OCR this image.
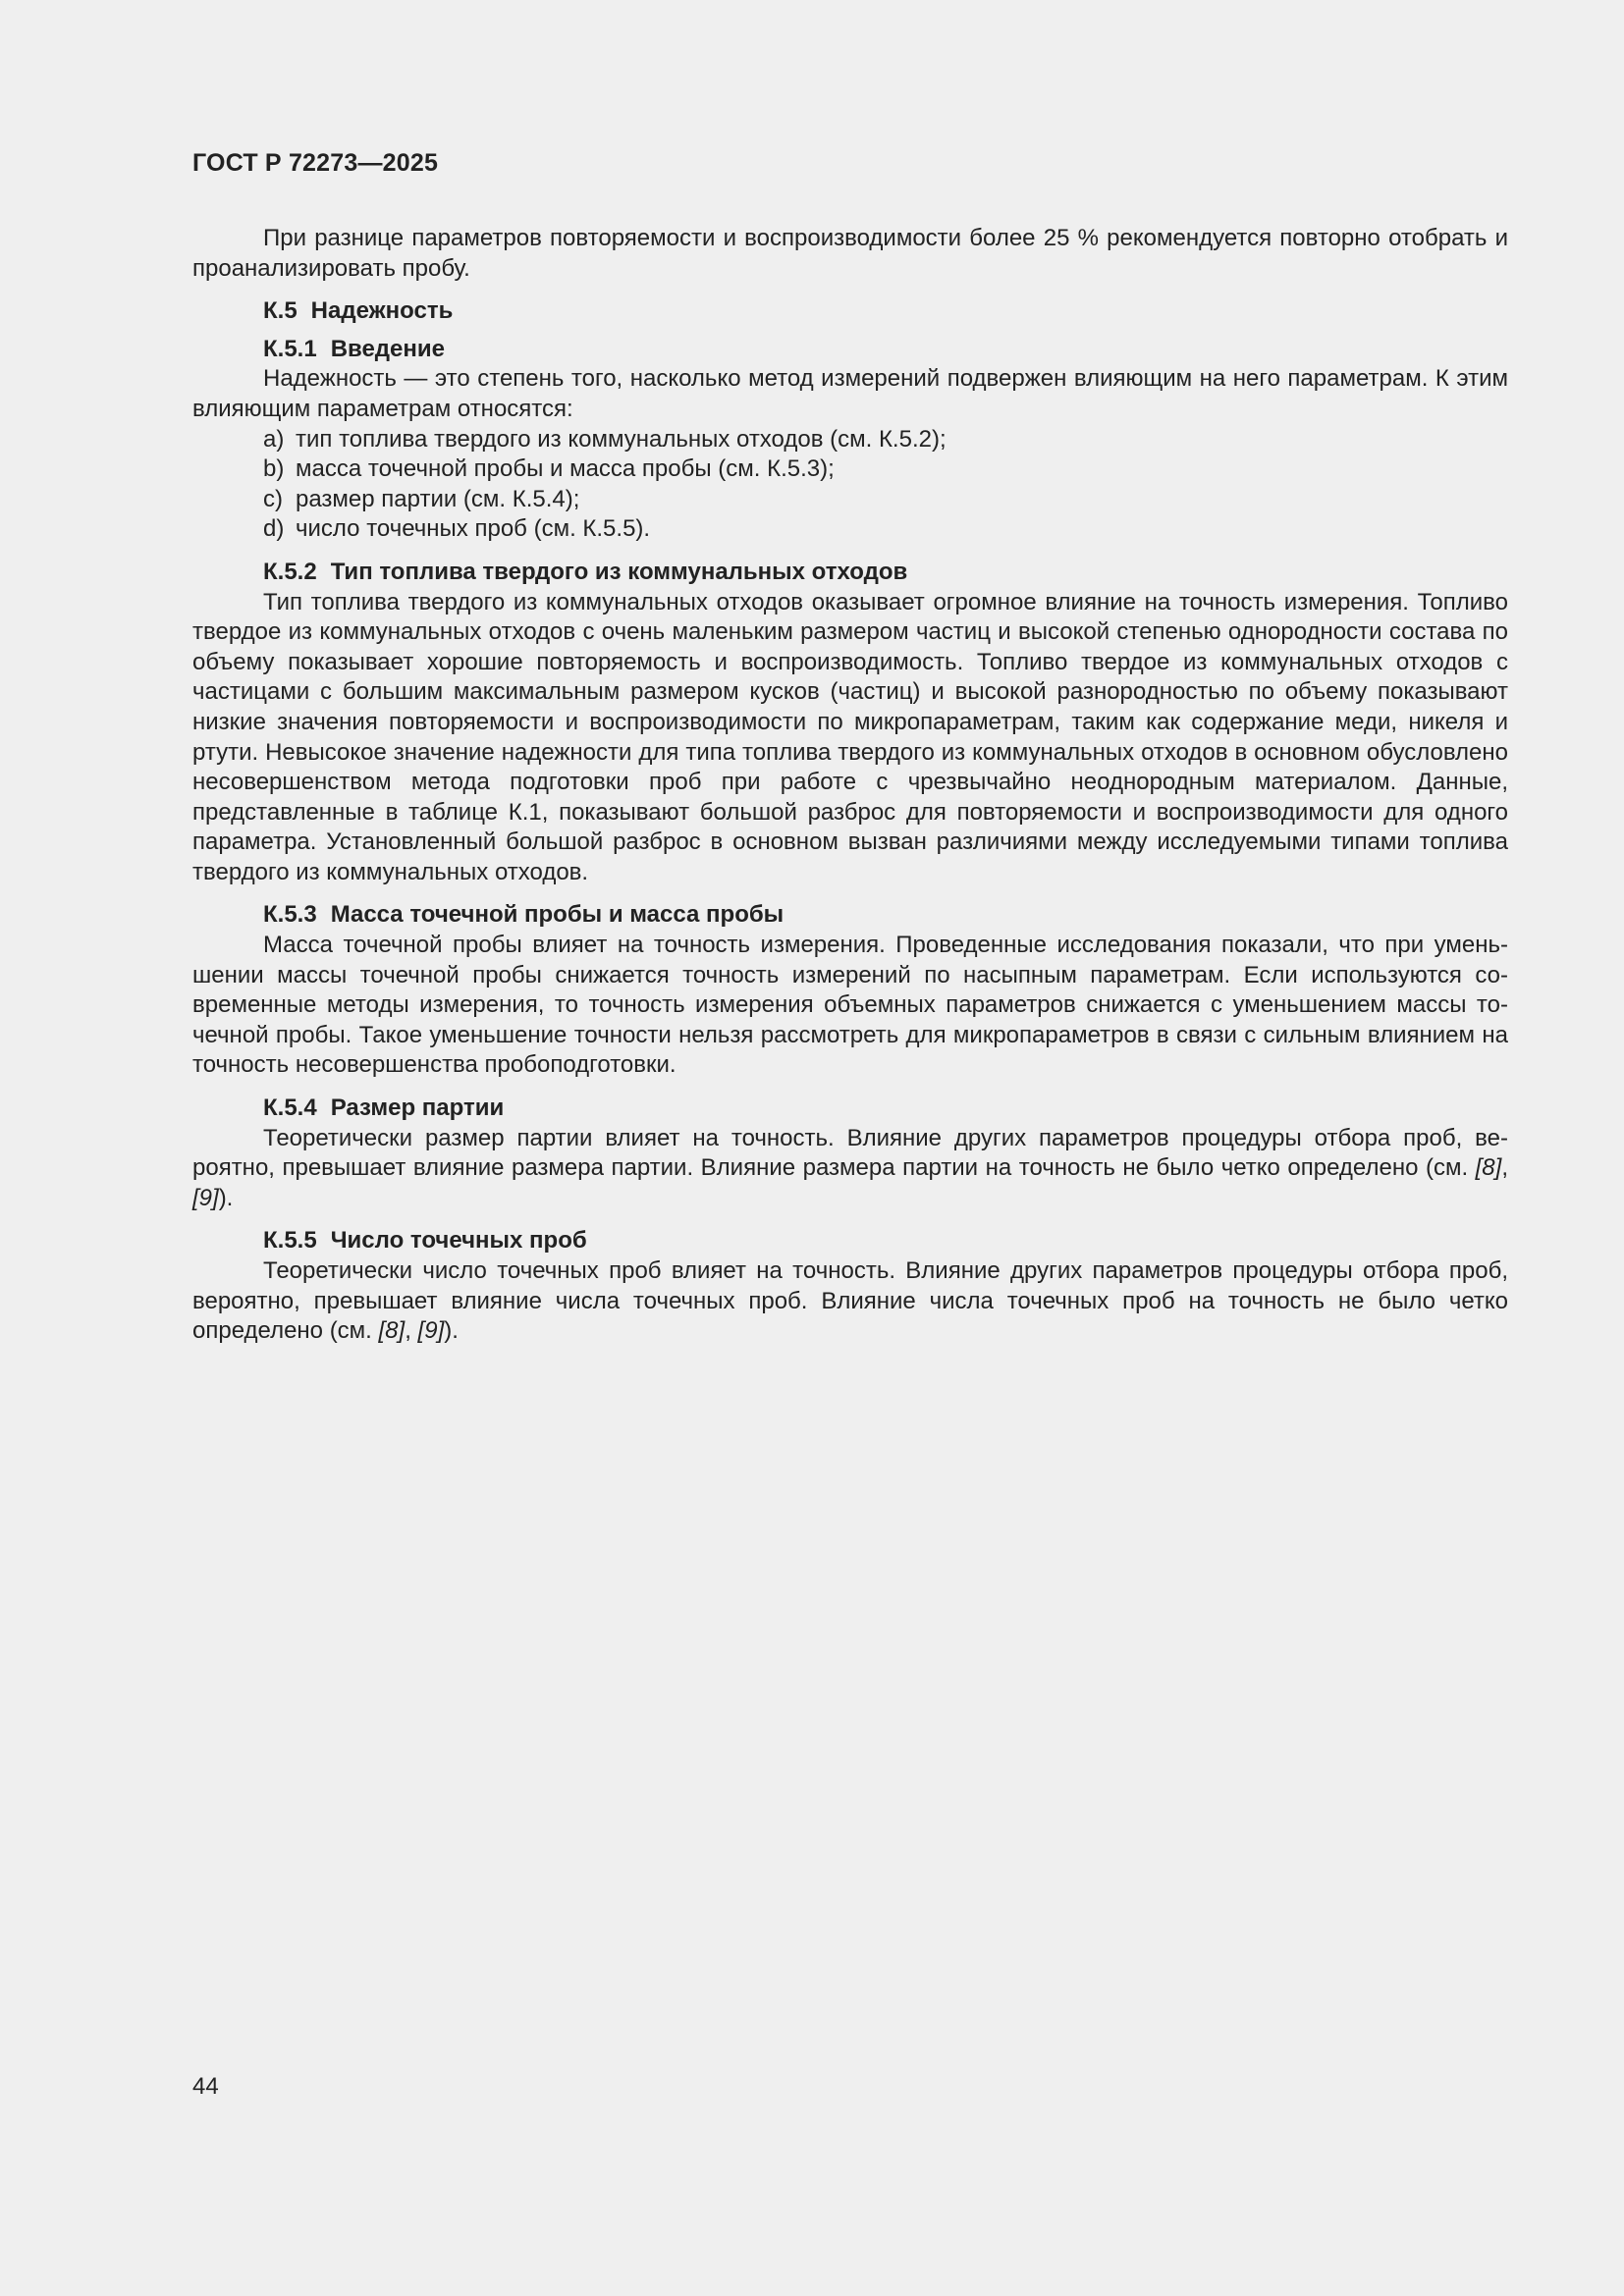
ГОСТ Р 72273—2025

При разнице параметров повторяемости и воспроизводимости более 25 % рекомендуется повторно отобрать и проанализировать пробу.

К.5 Надежность

К.5.1 Введение

Надежность — это степень того, насколько метод измерений подвержен влияющим на него параметрам. К этим влияющим параметрам относятся:

a) тип топлива твердого из коммунальных отходов (см. К.5.2);

b) масса точечной пробы и масса пробы (см. К.5.3);

c) размер партии (см. К.5.4);

d) число точечных проб (см. К.5.5).

К.5.2 Тип топлива твердого из коммунальных отходов

Тип топлива твердого из коммунальных отходов оказывает огромное влияние на точность измерения. Топливо твердое из коммунальных отходов с очень маленьким размером частиц и высокой степенью однородности состава по объему показывает хорошие повторяемость и воспроизводимость. Топливо твердое из коммунальных отходов с частицами с большим максимальным размером кусков (частиц) и высокой разнородностью по объему показывают низкие значения повторяемости и воспроизводимости по микропараметрам, таким как содержание меди, никеля и ртути. Невысокое значение надежности для типа топлива твердого из коммунальных отходов в основном обусловлено несовершенством метода подготовки проб при работе с чрезвычайно неоднородным материалом. Данные, представленные в таблице К.1, показывают большой разброс для повторяемости и воспроизводимости для одного параметра. Установленный большой разброс в основном вызван различиями между исследуемыми типами топлива твердого из коммунальных отходов.

К.5.3 Масса точечной пробы и масса пробы

Масса точечной пробы влияет на точность измерения. Проведенные исследования показали, что при уменьшении массы точечной пробы снижается точность измерений по насыпным параметрам. Если используются современные методы измерения, то точность измерения объемных параметров снижается с уменьшением массы точечной пробы. Такое уменьшение точности нельзя рассмотреть для микропараметров в связи с сильным влиянием на точность несовершенства пробоподготовки.

К.5.4 Размер партии

Теоретически размер партии влияет на точность. Влияние других параметров процедуры отбора проб, вероятно, превышает влияние размера партии. Влияние размера партии на точность не было четко определено (см. [8], [9]).

К.5.5 Число точечных проб

Теоретически число точечных проб влияет на точность. Влияние других параметров процедуры отбора проб, вероятно, превышает влияние числа точечных проб. Влияние числа точечных проб на точность не было четко определено (см. [8], [9]).

44
